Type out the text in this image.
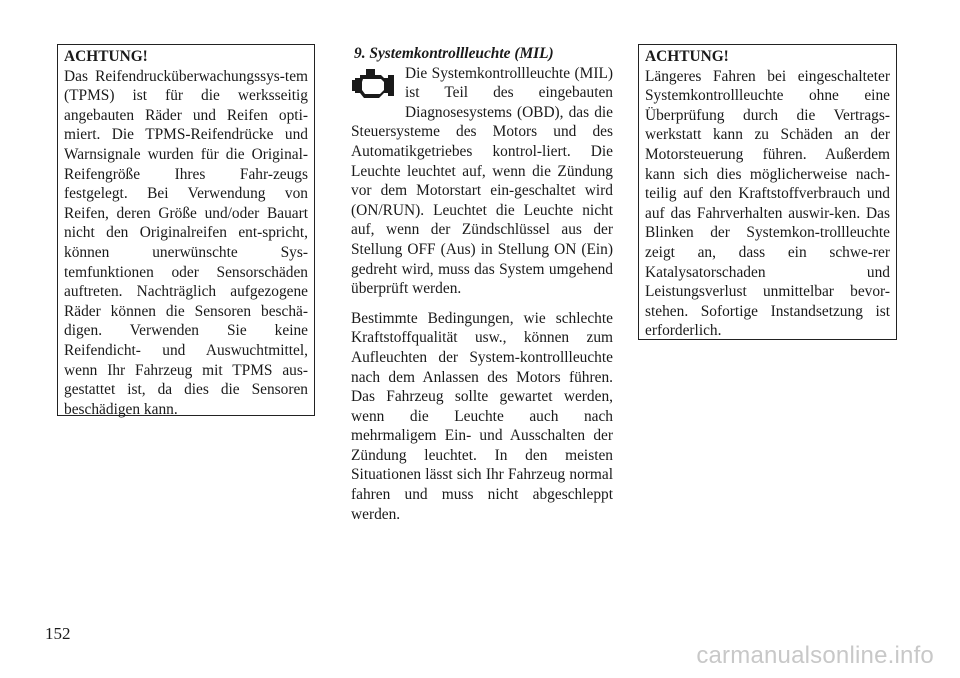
ACHTUNG!
Das Reifendrucküberwachungssys-tem (TPMS) ist für die werksseitig angebauten Räder und Reifen opti-miert. Die TPMS-Reifendrücke und Warnsignale wurden für die Original-Reifengröße Ihres Fahr-zeugs festgelegt. Bei Verwendung von Reifen, deren Größe und/oder Bauart nicht den Originalreifen ent-spricht, können unerwünschte Sys-temfunktionen oder Sensorschäden auftreten. Nachträglich aufgezogene Räder können die Sensoren beschä-digen. Verwenden Sie keine Reifendicht- und Auswuchtmittel, wenn Ihr Fahrzeug mit TPMS aus-gestattet ist, da dies die Sensoren beschädigen kann.
9. Systemkontrollleuchte (MIL)

Die Systemkontrollleuchte (MIL) ist Teil des eingebauten Diagnosesystems (OBD), das die Steuersysteme des Motors und des Automatikgetriebes kontrol-liert. Die Leuchte leuchtet auf, wenn die Zündung vor dem Motorstart ein-geschaltet wird (ON/RUN). Leuchtet die Leuchte nicht auf, wenn der Zündschlüssel aus der Stellung OFF (Aus) in Stellung ON (Ein) gedreht wird, muss das System umgehend überprüft werden.

Bestimmte Bedingungen, wie schlechte Kraftstoffqualität usw., können zum Aufleuchten der System-kontrollleuchte nach dem Anlassen des Motors führen. Das Fahrzeug sollte gewartet werden, wenn die Leuchte auch nach mehrmaligem Ein- und Ausschalten der Zündung leuchtet. In den meisten Situationen lässt sich Ihr Fahrzeug normal fahren und muss nicht abgeschleppt werden.

ACHTUNG!
Längeres Fahren bei eingeschalteter Systemkontrollleuchte ohne eine Überprüfung durch die Vertrags-werkstatt kann zu Schäden an der Motorsteuerung führen. Außerdem kann sich dies möglicherweise nach-teilig auf den Kraftstoffverbrauch und auf das Fahrverhalten auswir-ken. Das Blinken der Systemkon-trollleuchte zeigt an, dass ein schwe-rer Katalysatorschaden und Leistungsverlust unmittelbar bevor-stehen. Sofortige Instandsetzung ist erforderlich.
152
carmanualsonline.info
